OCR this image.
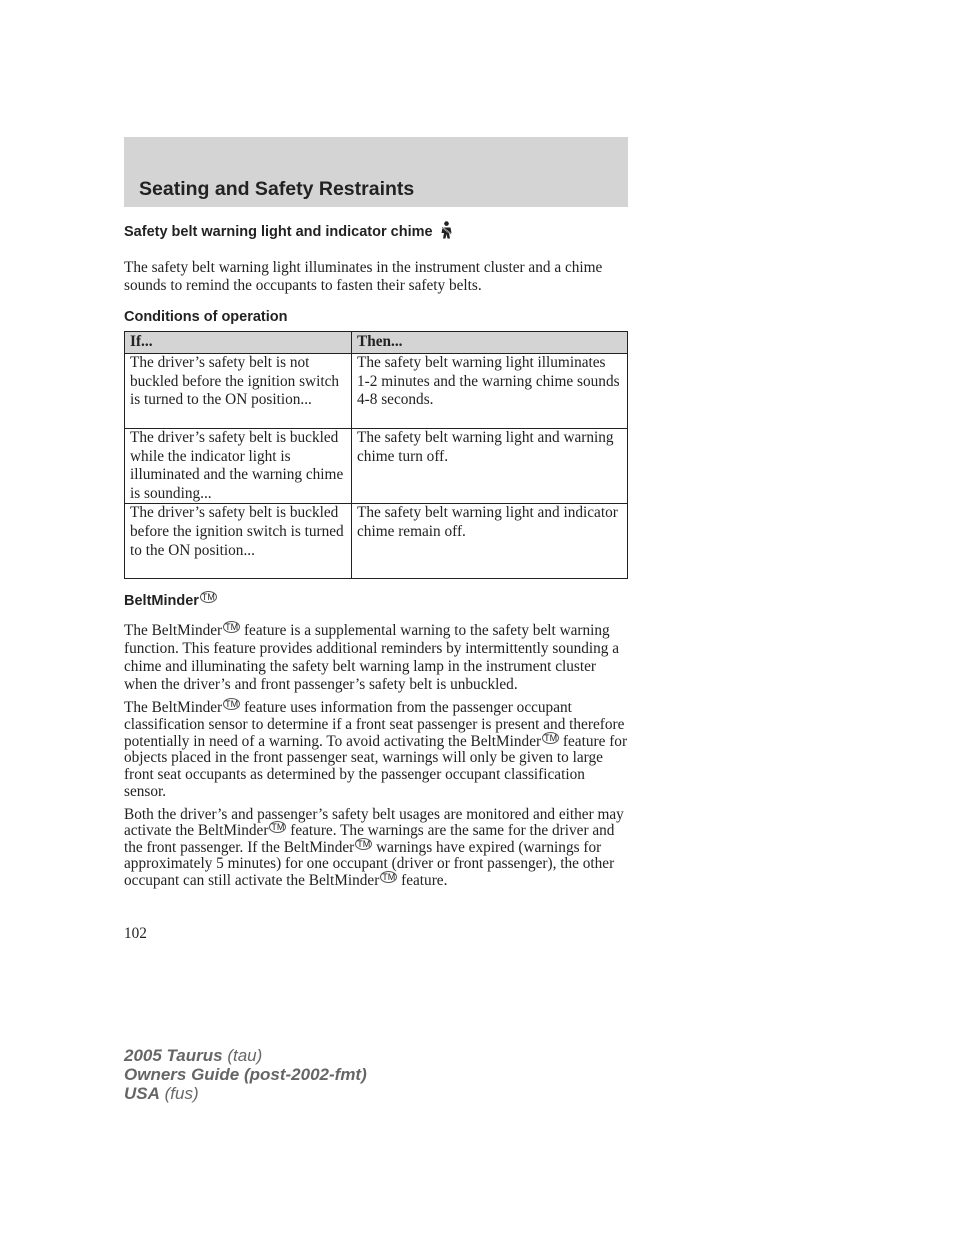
Seating and Safety Restraints
Safety belt warning light and indicator chime

The safety belt warning light illuminates in the instrument cluster and a chime sounds to remind the occupants to fasten their safety belts.

Conditions of operation
If...	Then...
The driver’s safety belt is not buckled before the ignition switch is turned to the ON position...	The safety belt warning light illuminates 1-2 minutes and the warning chime sounds 4-8 seconds.
The driver’s safety belt is buckled while the indicator light is illuminated and the warning chime is sounding...	The safety belt warning light and warning chime turn off.
The driver’s safety belt is buckled before the ignition switch is turned to the ON position...	The safety belt warning light and indicator chime remain off.
BeltMinder ™

The BeltMinder ™ feature is a supplemental warning to the safety belt warning function. This feature provides additional reminders by intermittently sounding a chime and illuminating the safety belt warning lamp in the instrument cluster when the driver’s and front passenger’s safety belt is unbuckled.

The BeltMinder ™ feature uses information from the passenger occupant classification sensor to determine if a front seat passenger is present and therefore potentially in need of a warning. To avoid activating the BeltMinder ™ feature for objects placed in the front passenger seat, warnings will only be given to large front seat occupants as determined by the passenger occupant classification sensor.

Both the driver’s and passenger’s safety belt usages are monitored and either may activate the BeltMinder ™ feature. The warnings are the same for the driver and the front passenger. If the BeltMinder ™ warnings have expired (warnings for approximately 5 minutes) for one occupant (driver or front passenger), the other occupant can still activate the BeltMinder ™ feature.

102
2005 Taurus (tau)
Owners Guide (post-2002-fmt)
USA (fus)
